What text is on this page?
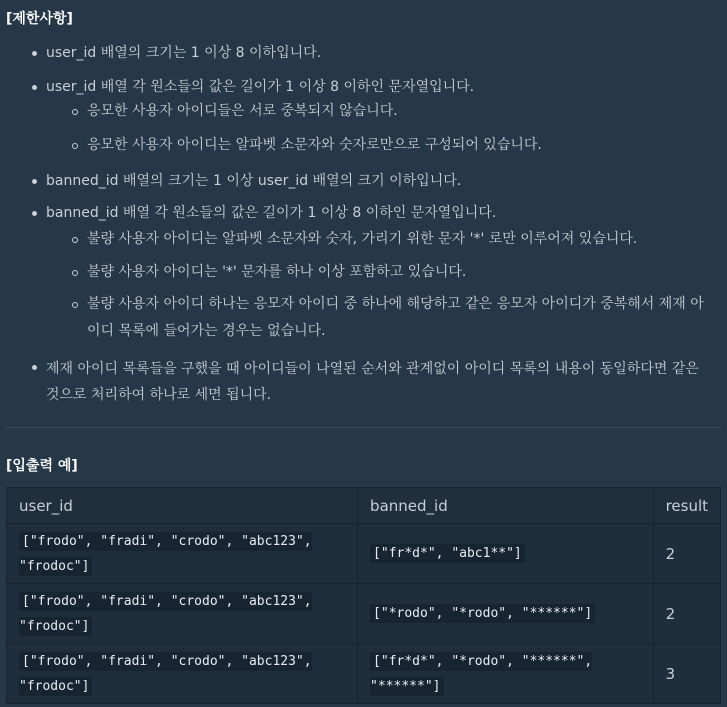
[제한사항]
user_id 배열의 크기는 1 이상 8 이하입니다.
user_id 배열 각 원소들의 값은 길이가 1 이상 8 이하인 문자열입니다.
응모한 사용자 아이디들은 서로 중복되지 않습니다.
응모한 사용자 아이디는 알파벳 소문자와 숫자로만으로 구성되어 있습니다.
banned_id 배열의 크기는 1 이상 user_id 배열의 크기 이하입니다.
banned_id 배열 각 원소들의 값은 길이가 1 이상 8 이하인 문자열입니다.
불량 사용자 아이디는 알파벳 소문자와 숫자, 가리기 위한 문자 '*' 로만 이루어져 있습니다.
불량 사용자 아이디는 '*' 문자를 하나 이상 포함하고 있습니다.
불량 사용자 아이디 하나는 응모자 아이디 중 하나에 해당하고 같은 응모자 아이디가 중복해서 제재 아이디 목록에 들어가는 경우는 없습니다.
제재 아이디 목록들을 구했을 때 아이디들이 나열된 순서와 관계없이 아이디 목록의 내용이 동일하다면 같은 것으로 처리하여 하나로 세면 됩니다.
[입출력 예]
user_id	banned_id	result
["frodo", "fradi", "crodo", "abc123", "frodoc"]	["fr*d*", "abc1**"]	2
["frodo", "fradi", "crodo", "abc123", "frodoc"]	["*rodo", "*rodo", "******"]	2
["frodo", "fradi", "crodo", "abc123", "frodoc"]	["fr*d*", "*rodo", "******", "******"]	3
